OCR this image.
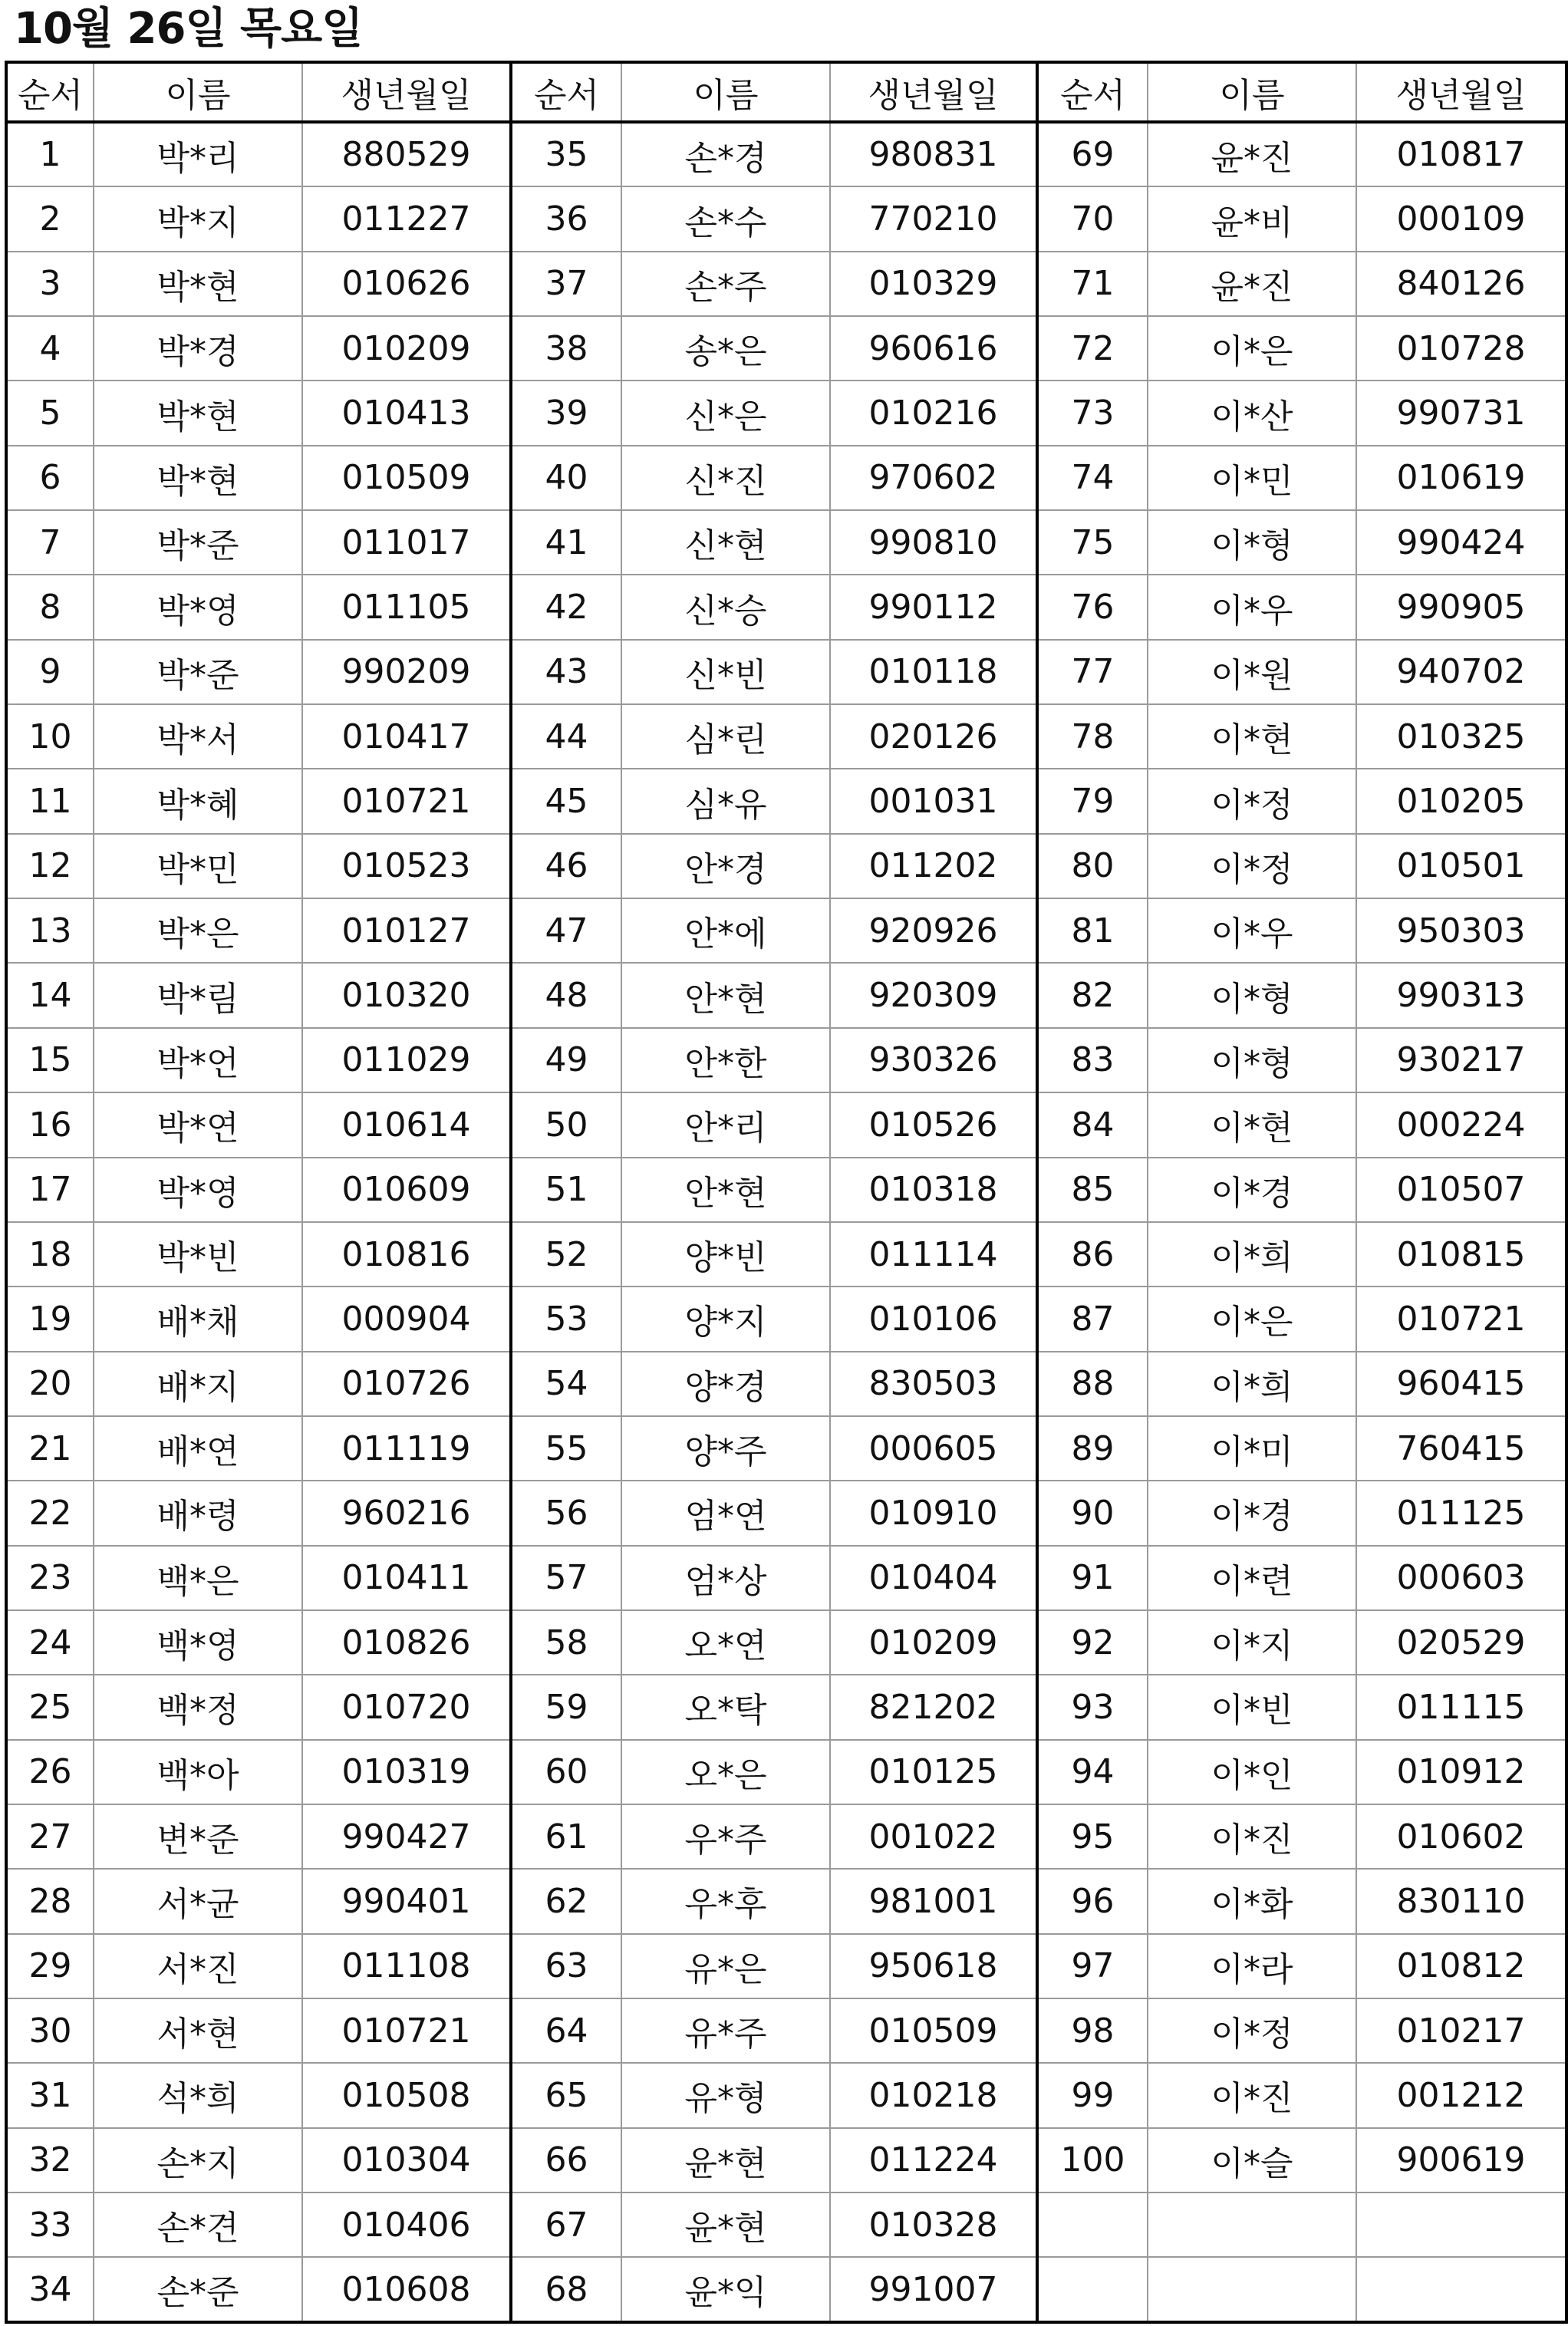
10월 26일 목요일
순서	이름	생년월일	순서	이름	생년월일	순서	이름	생년월일
1	박*리	880529	35	손*경	980831	69	윤*진	010817
2	박*지	011227	36	손*수	770210	70	윤*비	000109
3	박*현	010626	37	손*주	010329	71	윤*진	840126
4	박*경	010209	38	송*은	960616	72	이*은	010728
5	박*현	010413	39	신*은	010216	73	이*산	990731
6	박*현	010509	40	신*진	970602	74	이*민	010619
7	박*준	011017	41	신*현	990810	75	이*형	990424
8	박*영	011105	42	신*승	990112	76	이*우	990905
9	박*준	990209	43	신*빈	010118	77	이*원	940702
10	박*서	010417	44	심*린	020126	78	이*현	010325
11	박*혜	010721	45	심*유	001031	79	이*정	010205
12	박*민	010523	46	안*경	011202	80	이*정	010501
13	박*은	010127	47	안*에	920926	81	이*우	950303
14	박*림	010320	48	안*현	920309	82	이*형	990313
15	박*언	011029	49	안*한	930326	83	이*형	930217
16	박*연	010614	50	안*리	010526	84	이*현	000224
17	박*영	010609	51	안*현	010318	85	이*경	010507
18	박*빈	010816	52	양*빈	011114	86	이*희	010815
19	배*채	000904	53	양*지	010106	87	이*은	010721
20	배*지	010726	54	양*경	830503	88	이*희	960415
21	배*연	011119	55	양*주	000605	89	이*미	760415
22	배*령	960216	56	엄*연	010910	90	이*경	011125
23	백*은	010411	57	엄*상	010404	91	이*련	000603
24	백*영	010826	58	오*연	010209	92	이*지	020529
25	백*정	010720	59	오*탁	821202	93	이*빈	011115
26	백*아	010319	60	오*은	010125	94	이*인	010912
27	변*준	990427	61	우*주	001022	95	이*진	010602
28	서*균	990401	62	우*후	981001	96	이*화	830110
29	서*진	011108	63	유*은	950618	97	이*라	010812
30	서*현	010721	64	유*주	010509	98	이*정	010217
31	석*희	010508	65	유*형	010218	99	이*진	001212
32	손*지	010304	66	윤*현	011224	100	이*슬	900619
33	손*견	010406	67	윤*현	010328			
34	손*준	010608	68	윤*익	991007			
